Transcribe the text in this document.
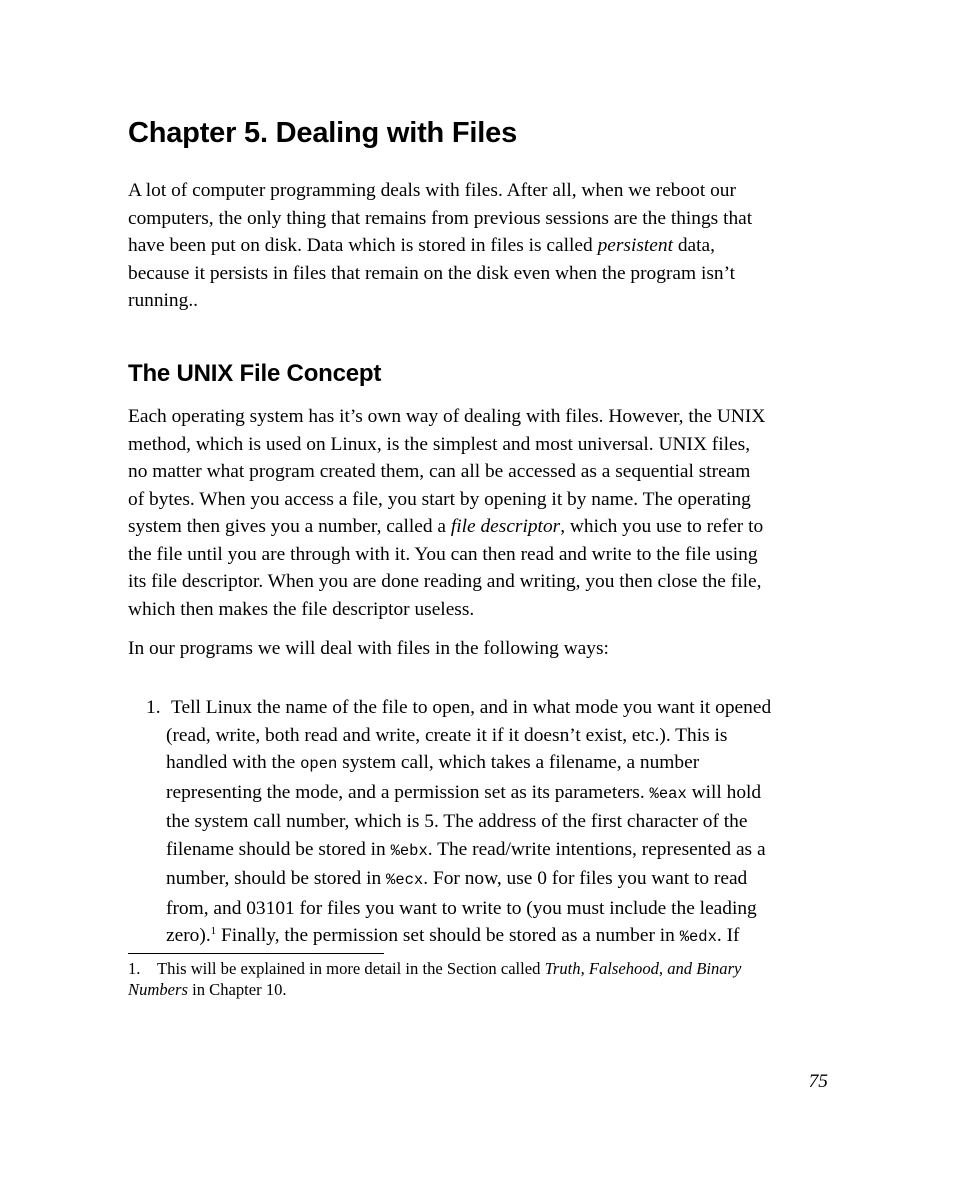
Chapter 5. Dealing with Files

A lot of computer programming deals with files. After all, when we reboot our
computers, the only thing that remains from previous sessions are the things that
have been put on disk. Data which is stored in files is called persistent data,
because it persists in files that remain on the disk even when the program isn’t
running..

The UNIX File Concept

Each operating system has it’s own way of dealing with files. However, the UNIX
method, which is used on Linux, is the simplest and most universal. UNIX files,
no matter what program created them, can all be accessed as a sequential stream
of bytes. When you access a file, you start by opening it by name. The operating
system then gives you a number, called a file descriptor, which you use to refer to
the file until you are through with it. You can then read and write to the file using
its file descriptor. When you are done reading and writing, you then close the file,
which then makes the file descriptor useless.

In our programs we will deal with files in the following ways:

1. Tell Linux the name of the file to open, and in what mode you want it opened
(read, write, both read and write, create it if it doesn’t exist, etc.). This is
handled with the open system call, which takes a filename, a number
representing the mode, and a permission set as its parameters. %eax will hold
the system call number, which is 5. The address of the first character of the
filename should be stored in %ebx. The read/write intentions, represented as a
number, should be stored in %ecx. For now, use 0 for files you want to read
from, and 03101 for files you want to write to (you must include the leading
zero).$^1$ Finally, the permission set should be stored as a number in %edx. If
1. This will be explained in more detail in the Section called Truth, Falsehood, and Binary
Numbers in Chapter 10.
75
